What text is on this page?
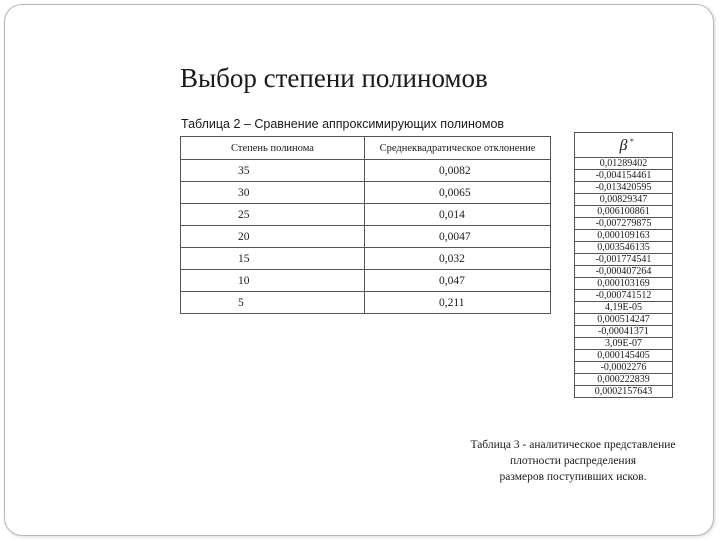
Выбор степени полиномов
Таблица 2 – Сравнение аппроксимирующих полиномов
Степень полинома	Среднеквадратическое отклонение
35	0,0082
30	0,0065
25	0,014
20	0,0047
15	0,032
10	0,047
5	0,211
β *

0,01289402
-0,004154461
-0,013420595
0,00829347
0,006100861
-0,007279875
0,000109163
0,003546135
-0,001774541
-0,000407264
0,000103169
-0,000741512
4,19E-05
0,000514247
-0,00041371
3,09E-07
0,000145405
-0,0002276
0,000222839
0,0002157643
Таблица 3 - аналитическое представление
плотности распределения
размеров поступивших исков.
